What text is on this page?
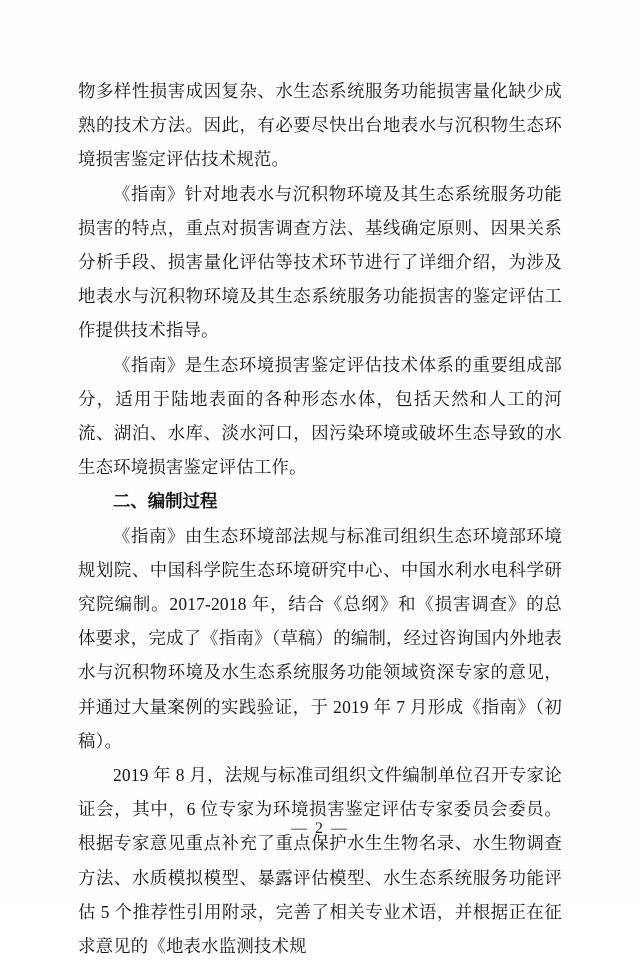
物多样性损害成因复杂、水生态系统服务功能损害量化缺少成熟的技术方法。因此，有必要尽快出台地表水与沉积物生态环境损害鉴定评估技术规范。

《指南》针对地表水与沉积物环境及其生态系统服务功能损害的特点，重点对损害调查方法、基线确定原则、因果关系分析手段、损害量化评估等技术环节进行了详细介绍，为涉及地表水与沉积物环境及其生态系统服务功能损害的鉴定评估工作提供技术指导。

《指南》是生态环境损害鉴定评估技术体系的重要组成部分，适用于陆地表面的各种形态水体，包括天然和人工的河流、湖泊、水库、淡水河口，因污染环境或破坏生态导致的水生态环境损害鉴定评估工作。

二、编制过程

《指南》由生态环境部法规与标准司组织生态环境部环境规划院、中国科学院生态环境研究中心、中国水利水电科学研究院编制。2017-2018 年，结合《总纲》和《损害调查》的总体要求，完成了《指南》（草稿）的编制，经过咨询国内外地表水与沉积物环境及水生态系统服务功能领域资深专家的意见，并通过大量案例的实践验证，于 2019 年 7 月形成《指南》（初稿）。

2019 年 8 月，法规与标准司组织文件编制单位召开专家论证会，其中，6 位专家为环境损害鉴定评估专家委员会委员。根据专家意见重点补充了重点保护水生生物名录、水生物调查方法、水质模拟模型、暴露评估模型、水生态系统服务功能评估 5 个推荐性引用附录，完善了相关专业术语，并根据正在征求意见的《地表水监测技术规

— 2 —
